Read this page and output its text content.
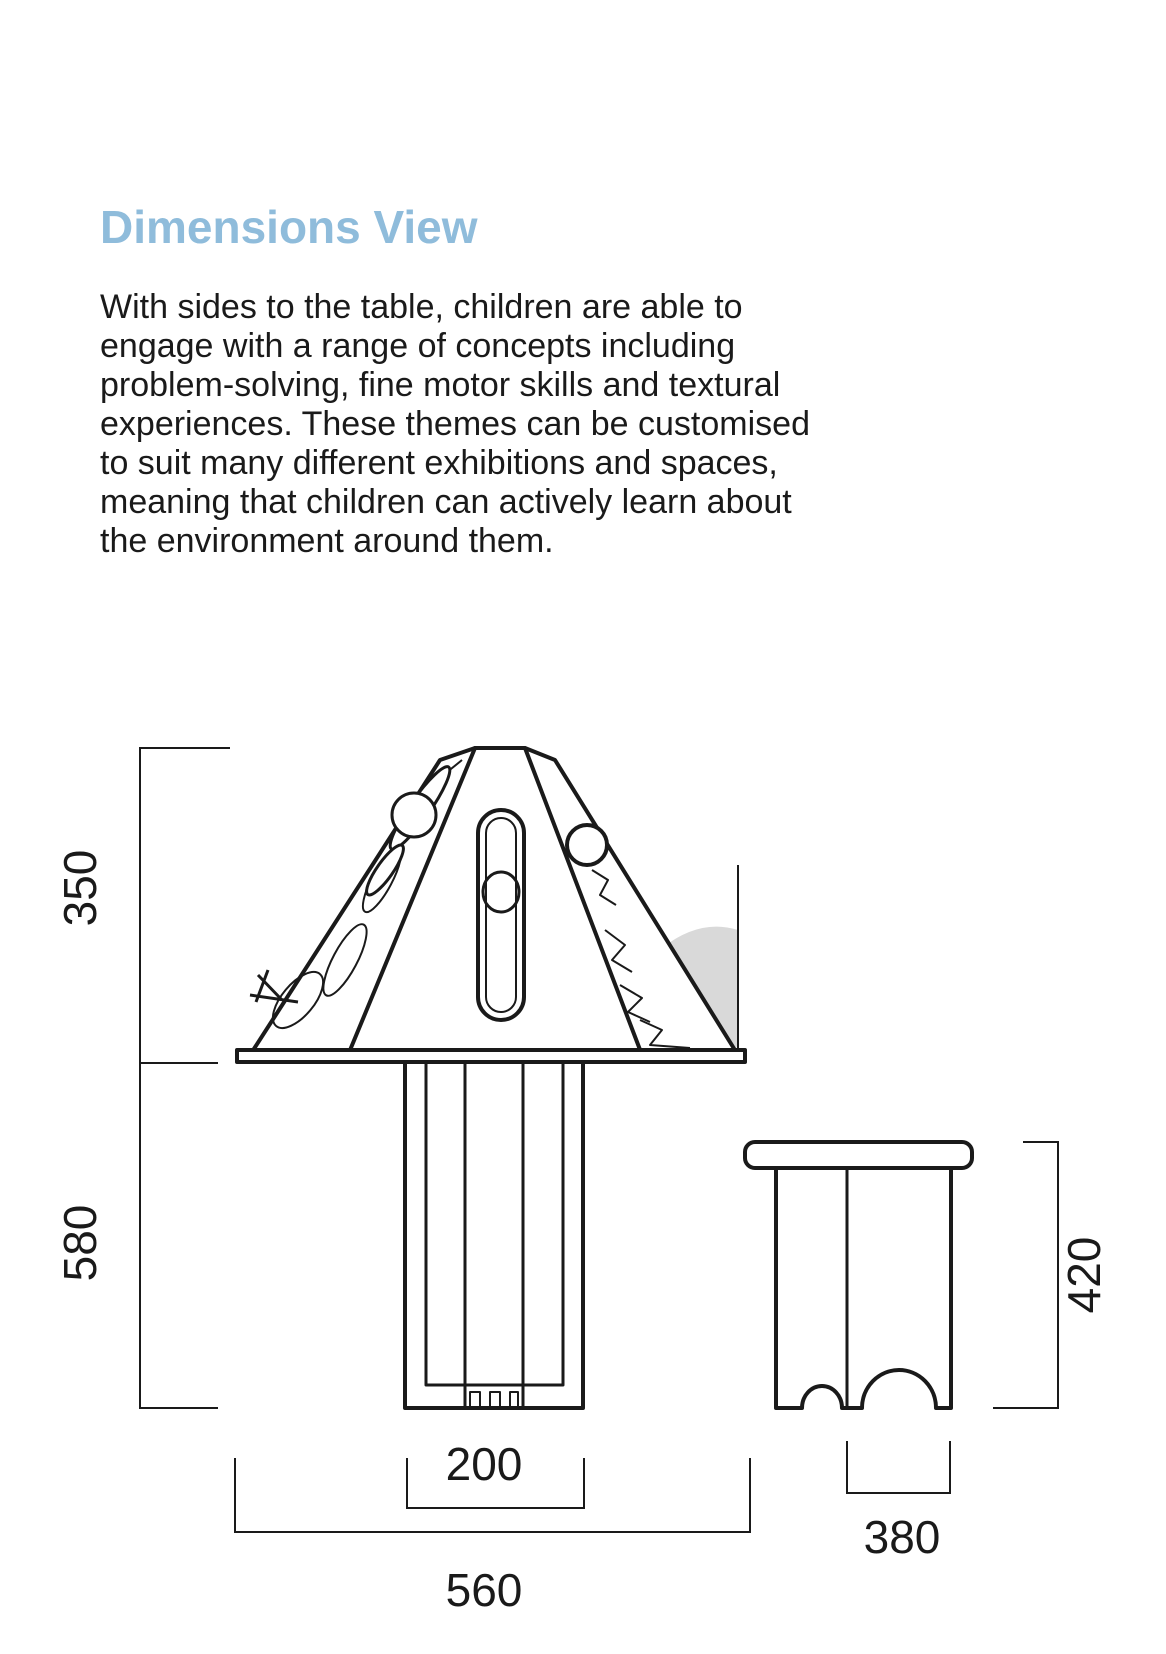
Dimensions View

With sides to the table, children are able to
engage with a range of concepts including
problem-solving, fine motor skills and textural
experiences. These themes can be customised
to suit many different exhibitions and spaces,
meaning that children can actively learn about
the environment around them.

350
580	420
200
560
380
